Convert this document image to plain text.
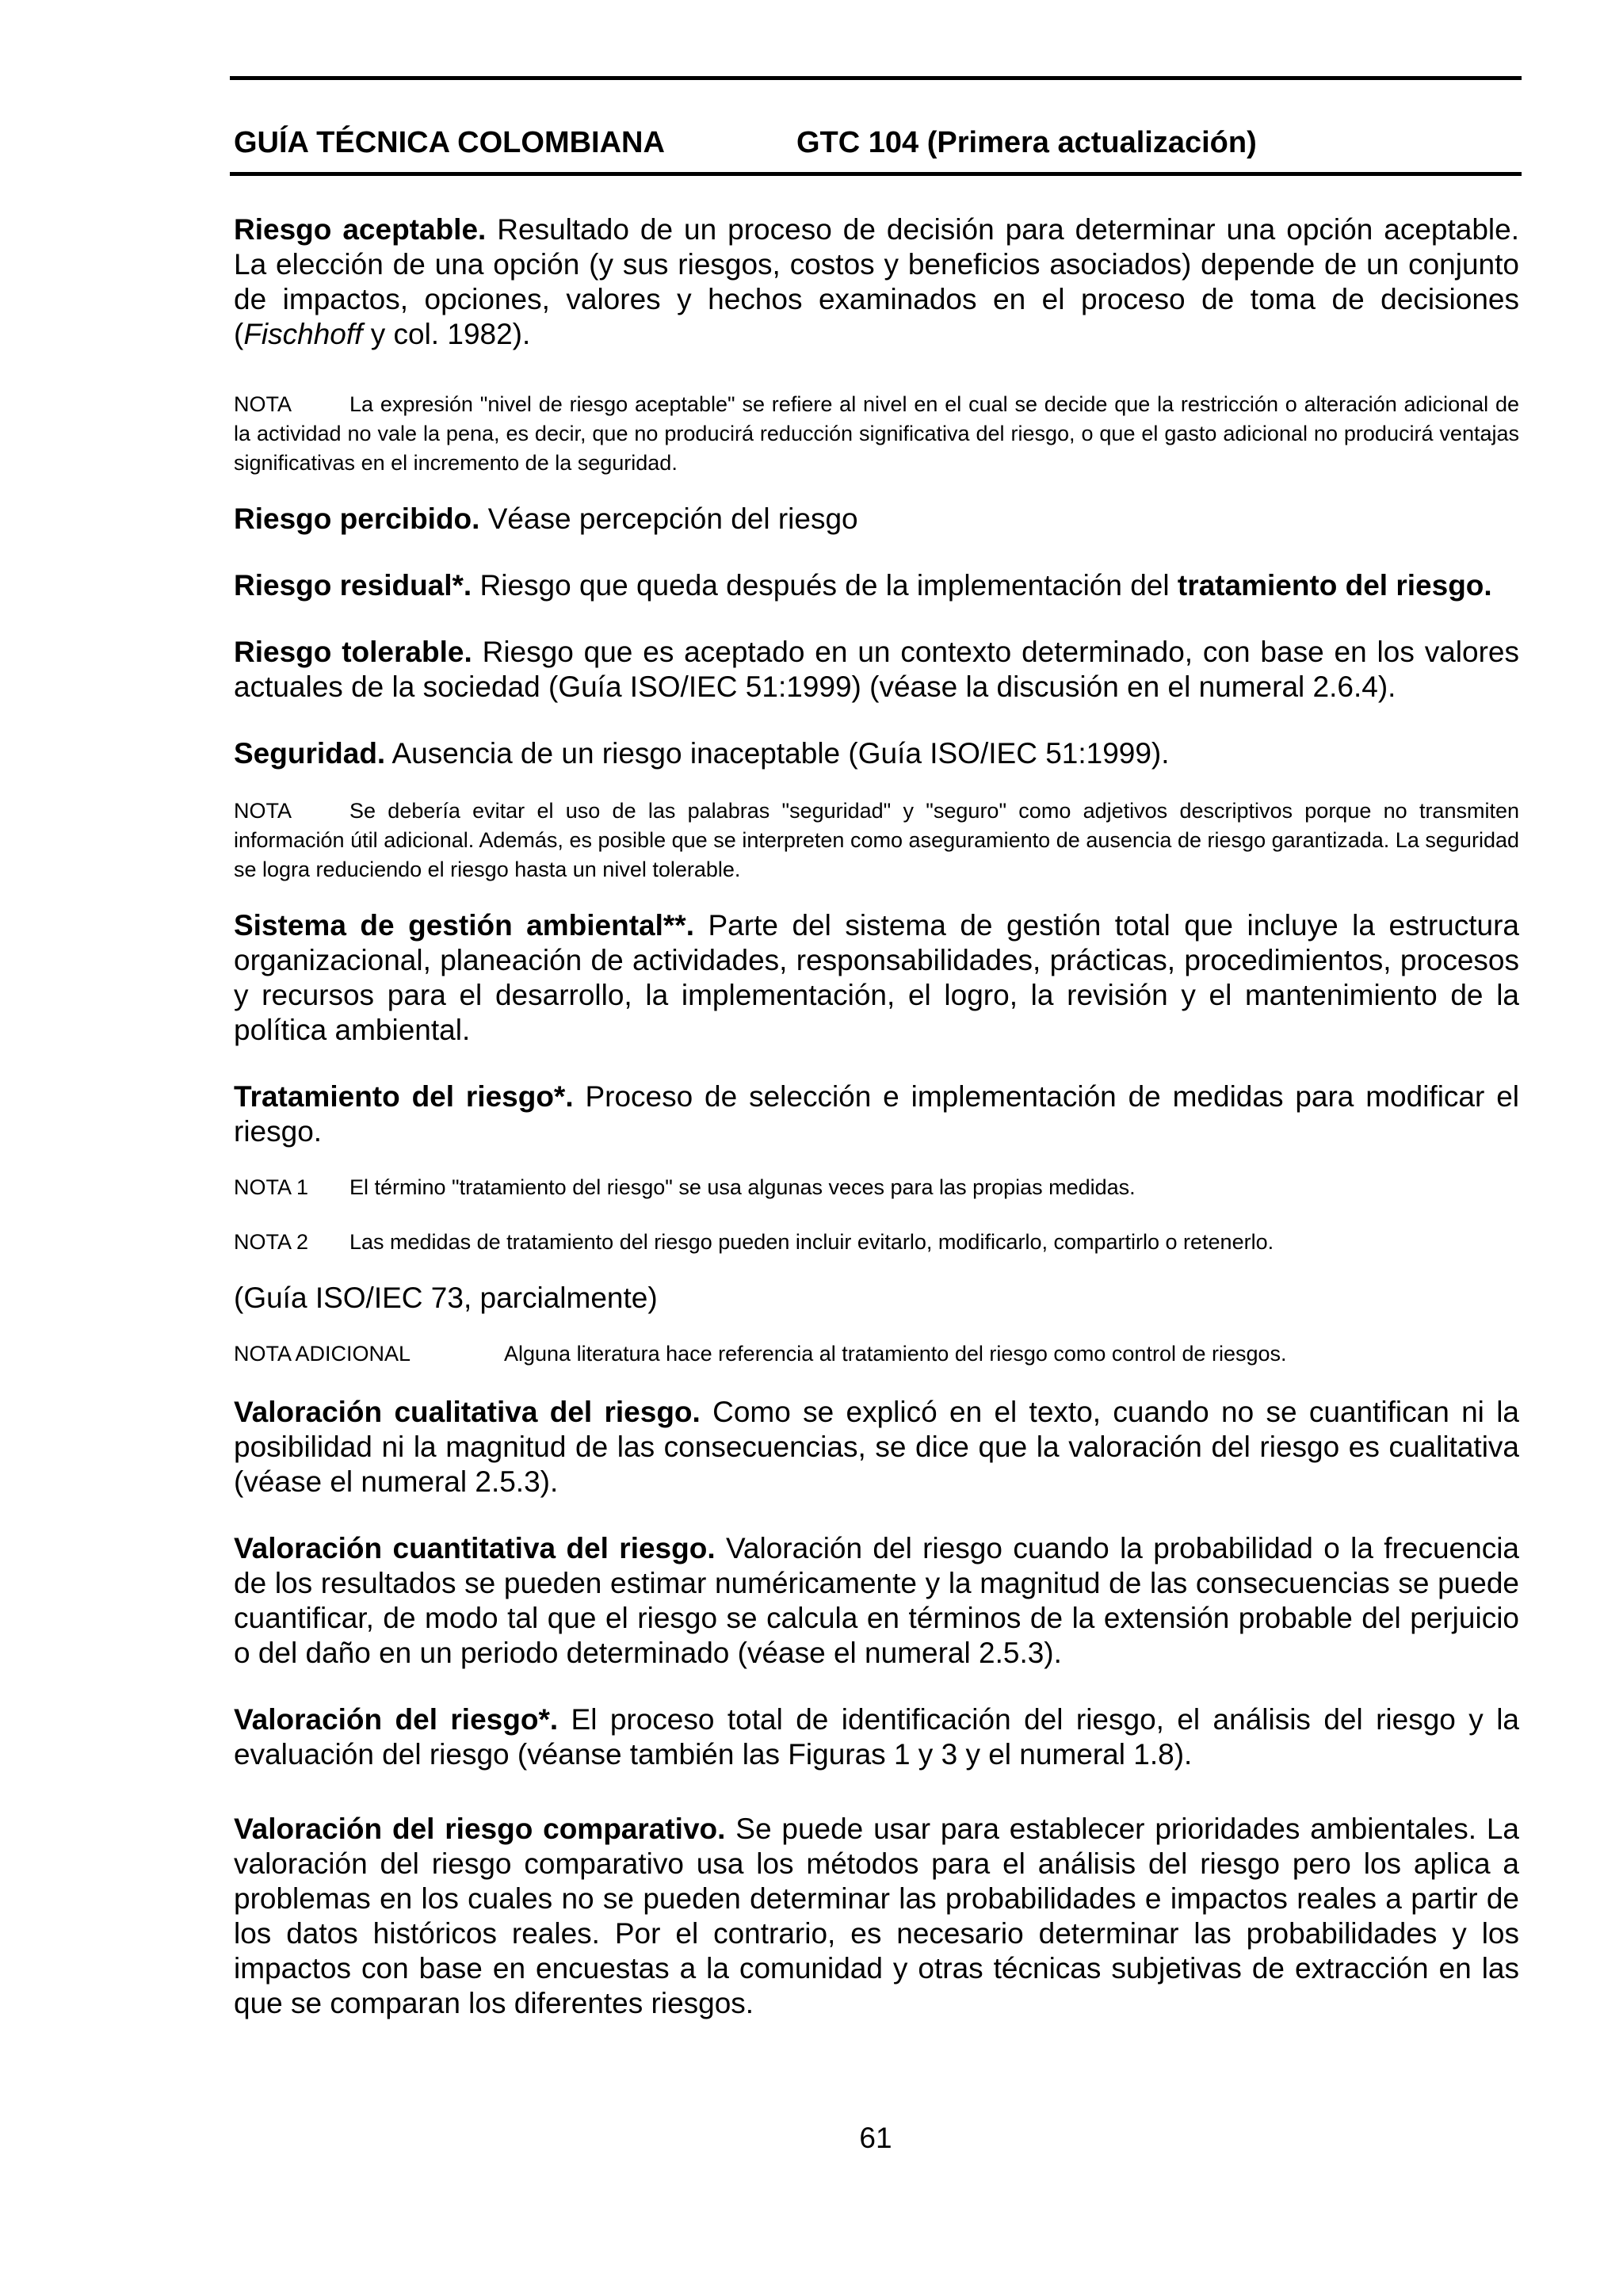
GUÍA TÉCNICA COLOMBIANA	GTC 104 (Primera actualización)

Riesgo aceptable. Resultado de un proceso de decisión para determinar una opción aceptable. La elección de una opción (y sus riesgos, costos y beneficios asociados) depende de un conjunto de impactos, opciones, valores y hechos examinados en el proceso de toma de decisiones (Fischhoff y col. 1982).

NOTA	La expresión "nivel de riesgo aceptable" se refiere al nivel en el cual se decide que la restricción o alteración adicional de la actividad no vale la pena, es decir, que no producirá reducción significativa del riesgo, o que el gasto adicional no producirá ventajas significativas en el incremento de la seguridad.

Riesgo percibido. Véase percepción del riesgo

Riesgo residual*. Riesgo que queda después de la implementación del tratamiento del riesgo.

Riesgo tolerable. Riesgo que es aceptado en un contexto determinado, con base en los valores actuales de la sociedad (Guía ISO/IEC 51:1999) (véase la discusión en el numeral 2.6.4).

Seguridad. Ausencia de un riesgo inaceptable (Guía ISO/IEC 51:1999).

NOTA	Se debería evitar el uso de las palabras "seguridad" y "seguro" como adjetivos descriptivos porque no transmiten información útil adicional. Además, es posible que se interpreten como aseguramiento de ausencia de riesgo garantizada. La seguridad se logra reduciendo el riesgo hasta un nivel tolerable.

Sistema de gestión ambiental**. Parte del sistema de gestión total que incluye la estructura organizacional, planeación de actividades, responsabilidades, prácticas, procedimientos, procesos y recursos para el desarrollo, la implementación, el logro, la revisión y el mantenimiento de la política ambiental.

Tratamiento del riesgo*. Proceso de selección e implementación de medidas para modificar el riesgo.

NOTA 1 El término "tratamiento del riesgo" se usa algunas veces para las propias medidas.

NOTA 2 Las medidas de tratamiento del riesgo pueden incluir evitarlo, modificarlo, compartirlo o retenerlo.

(Guía ISO/IEC 73, parcialmente)

NOTA ADICIONAL	Alguna literatura hace referencia al tratamiento del riesgo como control de riesgos.

Valoración cualitativa del riesgo. Como se explicó en el texto, cuando no se cuantifican ni la posibilidad ni la magnitud de las consecuencias, se dice que la valoración del riesgo es cualitativa (véase el numeral 2.5.3).

Valoración cuantitativa del riesgo. Valoración del riesgo cuando la probabilidad o la frecuencia de los resultados se pueden estimar numéricamente y la magnitud de las consecuencias se puede cuantificar, de modo tal que el riesgo se calcula en términos de la extensión probable del perjuicio o del daño en un periodo determinado (véase el numeral 2.5.3).

Valoración del riesgo*. El proceso total de identificación del riesgo, el análisis del riesgo y la evaluación del riesgo (véanse también las Figuras 1 y 3 y el numeral 1.8).

Valoración del riesgo comparativo. Se puede usar para establecer prioridades ambientales. La valoración del riesgo comparativo usa los métodos para el análisis del riesgo pero los aplica a problemas en los cuales no se pueden determinar las probabilidades e impactos reales a partir de los datos históricos reales. Por el contrario, es necesario determinar las probabilidades y los impactos con base en encuestas a la comunidad y otras técnicas subjetivas de extracción en las que se comparan los diferentes riesgos.

61
